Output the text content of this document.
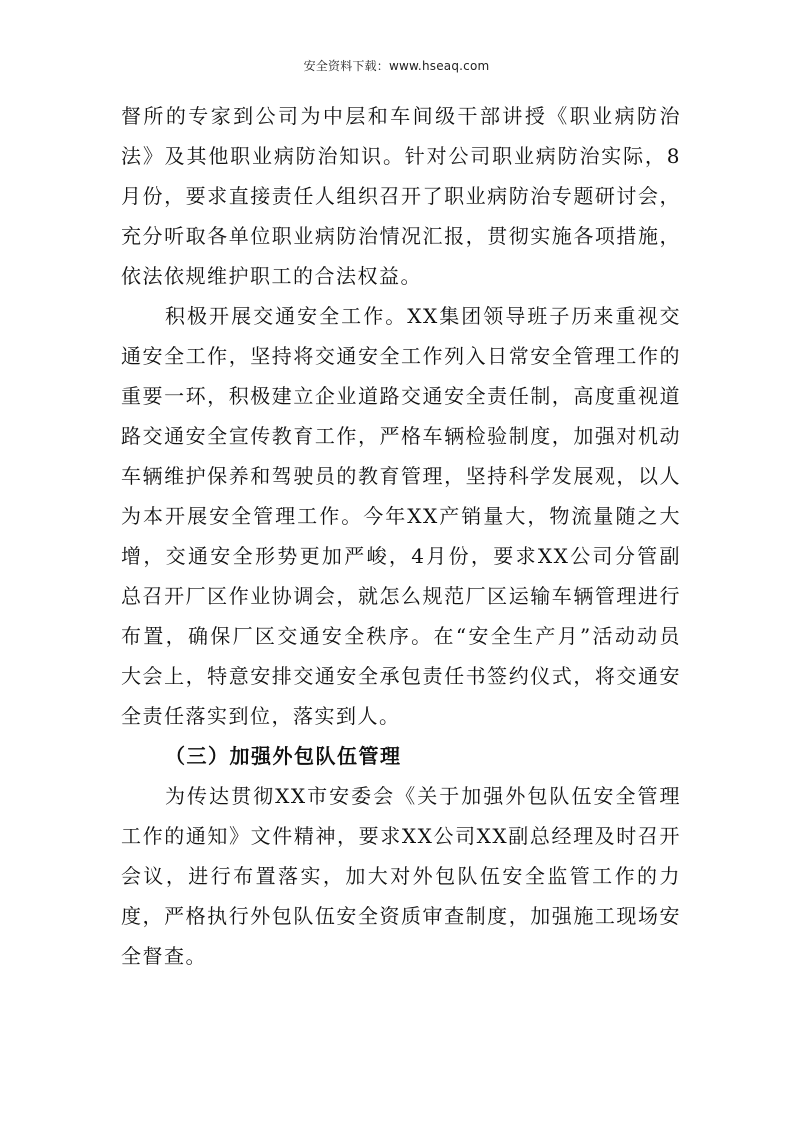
安全资料下载：www.hseaq.com

督所的专家到公司为中层和车间级干部讲授《职业病防治法》及其他职业病防治知识。针对公司职业病防治实际，8月份，要求直接责任人组织召开了职业病防治专题研讨会，充分听取各单位职业病防治情况汇报，贯彻实施各项措施，依法依规维护职工的合法权益。

积极开展交通安全工作。XX集团领导班子历来重视交通安全工作，坚持将交通安全工作列入日常安全管理工作的重要一环，积极建立企业道路交通安全责任制，高度重视道路交通安全宣传教育工作，严格车辆检验制度，加强对机动车辆维护保养和驾驶员的教育管理，坚持科学发展观，以人为本开展安全管理工作。今年XX产销量大，物流量随之大增，交通安全形势更加严峻，4月份，要求XX公司分管副总召开厂区作业协调会，就怎么规范厂区运输车辆管理进行布置，确保厂区交通安全秩序。在“安全生产月”活动动员大会上，特意安排交通安全承包责任书签约仪式，将交通安全责任落实到位，落实到人。

（三）加强外包队伍管理

为传达贯彻XX市安委会《关于加强外包队伍安全管理工作的通知》文件精神，要求XX公司XX副总经理及时召开会议，进行布置落实，加大对外包队伍安全监管工作的力度，严格执行外包队伍安全资质审查制度，加强施工现场安全督查。
